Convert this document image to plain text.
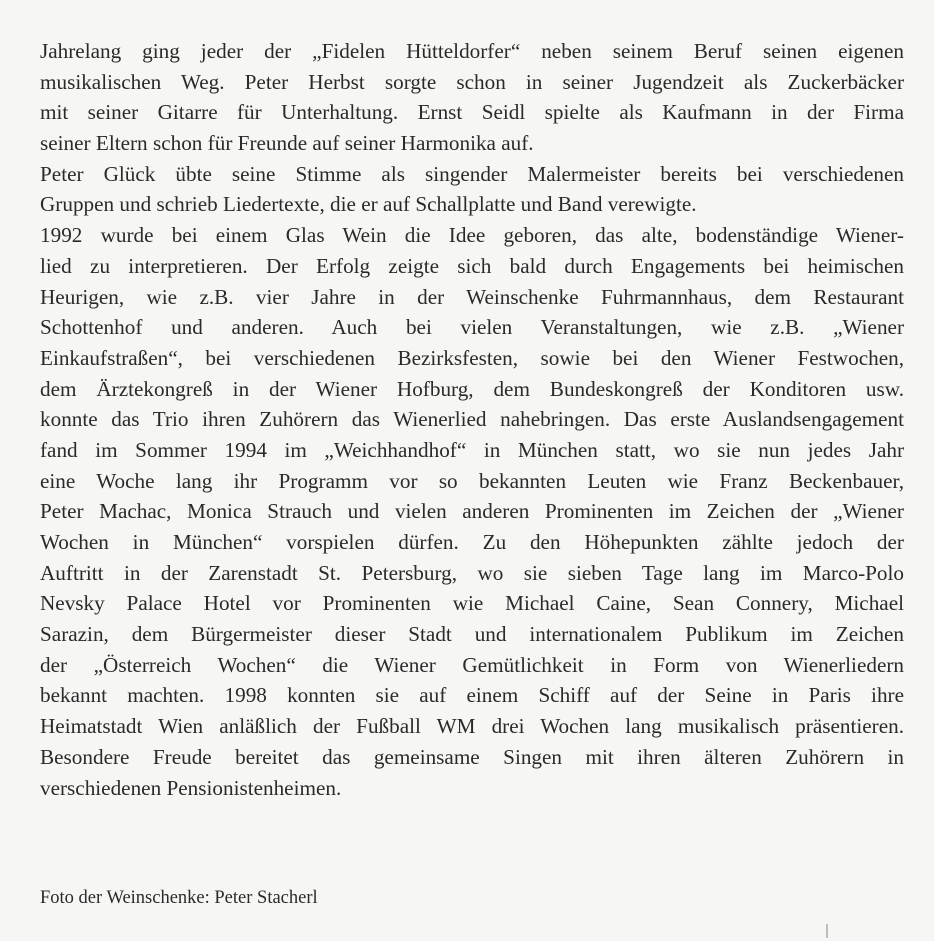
Jahrelang ging jeder der „Fidelen Hütteldorfer“ neben seinem Beruf seinen eigenen
musikalischen Weg. Peter Herbst sorgte schon in seiner Jugendzeit als Zuckerbäcker
mit seiner Gitarre für Unterhaltung. Ernst Seidl spielte als Kaufmann in der Firma
seiner Eltern schon für Freunde auf seiner Harmonika auf.
Peter Glück übte seine Stimme als singender Malermeister bereits bei verschiedenen
Gruppen und schrieb Liedertexte, die er auf Schallplatte und Band verewigte.
1992 wurde bei einem Glas Wein die Idee geboren, das alte, bodenständige Wiener-
lied zu interpretieren. Der Erfolg zeigte sich bald durch Engagements bei heimischen
Heurigen, wie z.B. vier Jahre in der Weinschenke Fuhrmannhaus, dem Restaurant
Schottenhof und anderen. Auch bei vielen Veranstaltungen, wie z.B. „Wiener
Einkaufstraßen“, bei verschiedenen Bezirksfesten, sowie bei den Wiener Festwochen,
dem Ärztekongreß in der Wiener Hofburg, dem Bundeskongreß der Konditoren usw.
konnte das Trio ihren Zuhörern das Wienerlied nahebringen. Das erste Auslandsengagement
fand im Sommer 1994 im „Weichhandhof“ in München statt, wo sie nun jedes Jahr
eine Woche lang ihr Programm vor so bekannten Leuten wie Franz Beckenbauer,
Peter Machac, Monica Strauch und vielen anderen Prominenten im Zeichen der „Wiener
Wochen in München“ vorspielen dürfen. Zu den Höhepunkten zählte jedoch der
Auftritt in der Zarenstadt St. Petersburg, wo sie sieben Tage lang im Marco-Polo
Nevsky Palace Hotel vor Prominenten wie Michael Caine, Sean Connery, Michael
Sarazin, dem Bürgermeister dieser Stadt und internationalem Publikum im Zeichen
der „Österreich Wochen“ die Wiener Gemütlichkeit in Form von Wienerliedern
bekannt machten. 1998 konnten sie auf einem Schiff auf der Seine in Paris ihre
Heimatstadt Wien anläßlich der Fußball WM drei Wochen lang musikalisch präsentieren.
Besondere Freude bereitet das gemeinsame Singen mit ihren älteren Zuhörern in
verschiedenen Pensionistenheimen.
Foto der Weinschenke: Peter Stacherl
